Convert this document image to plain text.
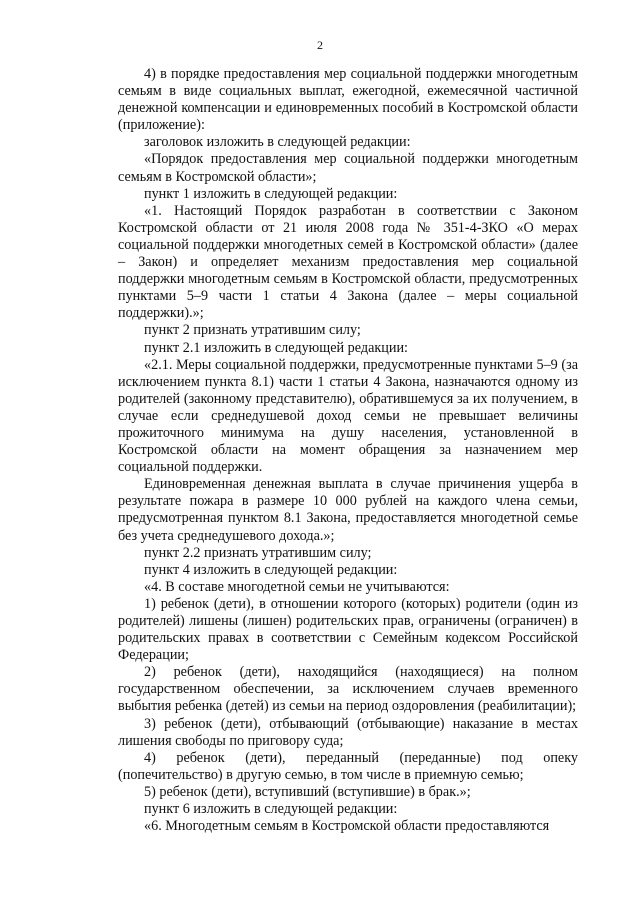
2

4) в порядке предоставления мер социальной поддержки многодетным семьям в виде социальных выплат, ежегодной, ежемесячной частичной денежной компенсации и единовременных пособий в Костромской области (приложение):

заголовок изложить в следующей редакции:

«Порядок предоставления мер социальной поддержки многодетным семьям в Костромской области»;

пункт 1 изложить в следующей редакции:

«1. Настоящий Порядок разработан в соответствии с Законом Костромской области от 21 июля 2008 года № 351-4-ЗКО «О мерах социальной поддержки многодетных семей в Костромской области» (далее – Закон) и определяет механизм предоставления мер социальной поддержки многодетным семьям в Костромской области, предусмотренных пунктами 5–9 части 1 статьи 4 Закона (далее – меры социальной поддержки).»;

пункт 2 признать утратившим силу;

пункт 2.1 изложить в следующей редакции:

«2.1. Меры социальной поддержки, предусмотренные пунктами 5–9 (за исключением пункта 8.1) части 1 статьи 4 Закона, назначаются одному из родителей (законному представителю), обратившемуся за их получением, в случае если среднедушевой доход семьи не превышает величины прожиточного минимума на душу населения, установленной в Костромской области на момент обращения за назначением мер социальной поддержки.

Единовременная денежная выплата в случае причинения ущерба в результате пожара в размере 10 000 рублей на каждого члена семьи, предусмотренная пунктом 8.1 Закона, предоставляется многодетной семье без учета среднедушевого дохода.»;

пункт 2.2 признать утратившим силу;

пункт 4 изложить в следующей редакции:

«4. В составе многодетной семьи не учитываются:

1) ребенок (дети), в отношении которого (которых) родители (один из родителей) лишены (лишен) родительских прав, ограничены (ограничен) в родительских правах в соответствии с Семейным кодексом Российской Федерации;

2) ребенок (дети), находящийся (находящиеся) на полном государственном обеспечении, за исключением случаев временного выбытия ребенка (детей) из семьи на период оздоровления (реабилитации);

3) ребенок (дети), отбывающий (отбывающие) наказание в местах лишения свободы по приговору суда;

4) ребенок (дети), переданный (переданные) под опеку (попечительство) в другую семью, в том числе в приемную семью;

5) ребенок (дети), вступивший (вступившие) в брак.»;

пункт 6 изложить в следующей редакции:

«6. Многодетным семьям в Костромской области предоставляются
